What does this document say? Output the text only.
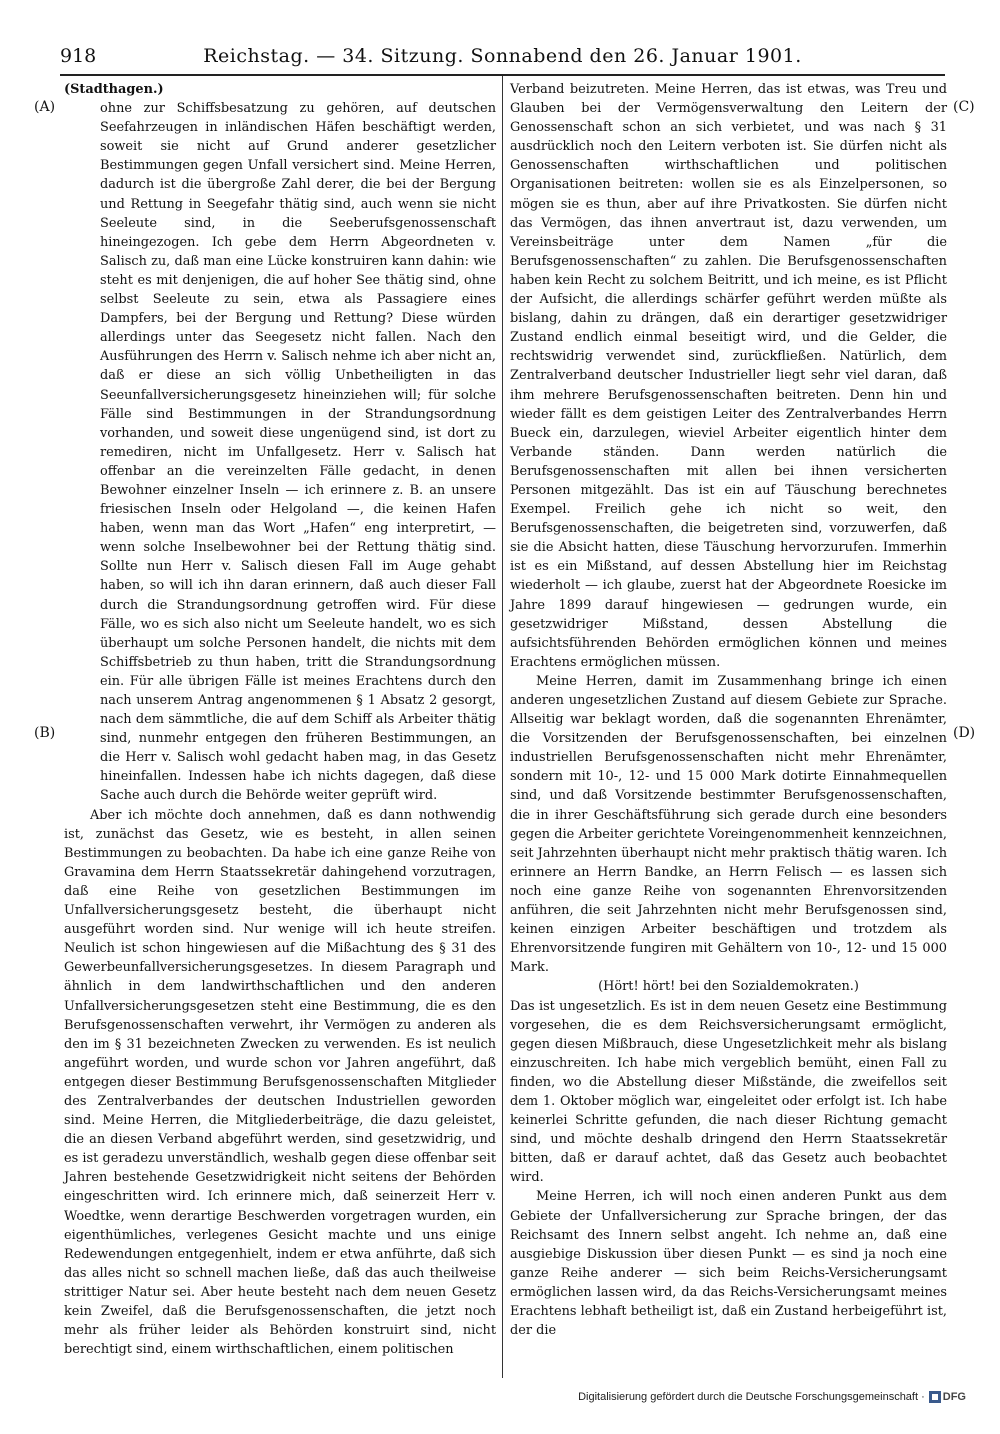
918	Reichstag. — 34. Sitzung. Sonnabend den 26. Januar 1901.
(A)
(B)
(C)
(D)

(Stadthagen.)

ohne zur Schiffsbesatzung zu gehören, auf deutschen Seefahrzeugen in inländischen Häfen beschäftigt werden, soweit sie nicht auf Grund anderer gesetzlicher Bestimmungen gegen Unfall versichert sind. Meine Herren, dadurch ist die übergroße Zahl derer, die bei der Bergung und Rettung in Seegefahr thätig sind, auch wenn sie nicht Seeleute sind, in die Seeberufsgenossenschaft hineingezogen. Ich gebe dem Herrn Abgeordneten v. Salisch zu, daß man eine Lücke konstruiren kann dahin: wie steht es mit denjenigen, die auf hoher See thätig sind, ohne selbst Seeleute zu sein, etwa als Passagiere eines Dampfers, bei der Bergung und Rettung? Diese würden allerdings unter das Seegesetz nicht fallen. Nach den Ausführungen des Herrn v. Salisch nehme ich aber nicht an, daß er diese an sich völlig Unbetheiligten in das Seeunfallversicherungsgesetz hineinziehen will; für solche Fälle sind Bestimmungen in der Strandungsordnung vorhanden, und soweit diese ungenügend sind, ist dort zu remediren, nicht im Unfallgesetz. Herr v. Salisch hat offenbar an die vereinzelten Fälle gedacht, in denen Bewohner einzelner Inseln — ich erinnere z. B. an unsere friesischen Inseln oder Helgoland —, die keinen Hafen haben, wenn man das Wort „Hafen“ eng interpretirt, — wenn solche Inselbewohner bei der Rettung thätig sind. Sollte nun Herr v. Salisch diesen Fall im Auge gehabt haben, so will ich ihn daran erinnern, daß auch dieser Fall durch die Strandungsordnung getroffen wird. Für diese Fälle, wo es sich also nicht um Seeleute handelt, wo es sich überhaupt um solche Personen handelt, die nichts mit dem Schiffsbetrieb zu thun haben, tritt die Strandungsordnung ein. Für alle übrigen Fälle ist meines Erachtens durch den nach unserem Antrag angenommenen § 1 Absatz 2 gesorgt, nach dem sämmtliche, die auf dem Schiff als Arbeiter thätig sind, nunmehr entgegen den früheren Bestimmungen, an die Herr v. Salisch wohl gedacht haben mag, in das Gesetz hineinfallen. Indessen habe ich nichts dagegen, daß diese Sache auch durch die Behörde weiter geprüft wird.

Aber ich möchte doch annehmen, daß es dann nothwendig ist, zunächst das Gesetz, wie es besteht, in allen seinen Bestimmungen zu beobachten. Da habe ich eine ganze Reihe von Gravamina dem Herrn Staatssekretär dahingehend vorzutragen, daß eine Reihe von gesetzlichen Bestimmungen im Unfallversicherungsgesetz besteht, die überhaupt nicht ausgeführt worden sind. Nur wenige will ich heute streifen. Neulich ist schon hingewiesen auf die Mißachtung des § 31 des Gewerbeunfallversicherungsgesetzes. In diesem Paragraph und ähnlich in dem landwirthschaftlichen und den anderen Unfallversicherungsgesetzen steht eine Bestimmung, die es den Berufsgenossenschaften verwehrt, ihr Vermögen zu anderen als den im § 31 bezeichneten Zwecken zu verwenden. Es ist neulich angeführt worden, und wurde schon vor Jahren angeführt, daß entgegen dieser Bestimmung Berufsgenossenschaften Mitglieder des Zentralverbandes der deutschen Industriellen geworden sind. Meine Herren, die Mitgliederbeiträge, die dazu geleistet, die an diesen Verband abgeführt werden, sind gesetzwidrig, und es ist geradezu unverständlich, weshalb gegen diese offenbar seit Jahren bestehende Gesetzwidrigkeit nicht seitens der Behörden eingeschritten wird. Ich erinnere mich, daß seinerzeit Herr v. Woedtke, wenn derartige Beschwerden vorgetragen wurden, ein eigenthümliches, verlegenes Gesicht machte und uns einige Redewendungen entgegenhielt, indem er etwa anführte, daß sich das alles nicht so schnell machen ließe, daß das auch theilweise strittiger Natur sei. Aber heute besteht nach dem neuen Gesetz kein Zweifel, daß die Berufsgenossenschaften, die jetzt noch mehr als früher leider als Behörden konstruirt sind, nicht berechtigt sind, einem wirthschaftlichen, einem politischen

Verband beizutreten. Meine Herren, das ist etwas, was Treu und Glauben bei der Vermögensverwaltung den Leitern der Genossenschaft schon an sich verbietet, und was nach § 31 ausdrücklich noch den Leitern verboten ist. Sie dürfen nicht als Genossenschaften wirthschaftlichen und politischen Organisationen beitreten: wollen sie es als Einzelpersonen, so mögen sie es thun, aber auf ihre Privatkosten. Sie dürfen nicht das Vermögen, das ihnen anvertraut ist, dazu verwenden, um Vereinsbeiträge unter dem Namen „für die Berufsgenossenschaften“ zu zahlen. Die Berufsgenossenschaften haben kein Recht zu solchem Beitritt, und ich meine, es ist Pflicht der Aufsicht, die allerdings schärfer geführt werden müßte als bislang, dahin zu drängen, daß ein derartiger gesetzwidriger Zustand endlich einmal beseitigt wird, und die Gelder, die rechtswidrig verwendet sind, zurückfließen. Natürlich, dem Zentralverband deutscher Industrieller liegt sehr viel daran, daß ihm mehrere Berufsgenossenschaften beitreten. Denn hin und wieder fällt es dem geistigen Leiter des Zentralverbandes Herrn Bueck ein, darzulegen, wieviel Arbeiter eigentlich hinter dem Verbande ständen. Dann werden natürlich die Berufsgenossenschaften mit allen bei ihnen versicherten Personen mitgezählt. Das ist ein auf Täuschung berechnetes Exempel. Freilich gehe ich nicht so weit, den Berufsgenossenschaften, die beigetreten sind, vorzuwerfen, daß sie die Absicht hatten, diese Täuschung hervorzurufen. Immerhin ist es ein Mißstand, auf dessen Abstellung hier im Reichstag wiederholt — ich glaube, zuerst hat der Abgeordnete Roesicke im Jahre 1899 darauf hingewiesen — gedrungen wurde, ein gesetzwidriger Mißstand, dessen Abstellung die aufsichtsführenden Behörden ermöglichen können und meines Erachtens ermöglichen müssen.

Meine Herren, damit im Zusammenhang bringe ich einen anderen ungesetzlichen Zustand auf diesem Gebiete zur Sprache. Allseitig war beklagt worden, daß die sogenannten Ehrenämter, die Vorsitzenden der Berufsgenossenschaften, bei einzelnen industriellen Berufsgenossenschaften nicht mehr Ehrenämter, sondern mit 10-, 12- und 15 000 Mark dotirte Einnahmequellen sind, und daß Vorsitzende bestimmter Berufsgenossenschaften, die in ihrer Geschäftsführung sich gerade durch eine besonders gegen die Arbeiter gerichtete Voreingenommenheit kennzeichnen, seit Jahrzehnten überhaupt nicht mehr praktisch thätig waren. Ich erinnere an Herrn Bandke, an Herrn Felisch — es lassen sich noch eine ganze Reihe von sogenannten Ehrenvorsitzenden anführen, die seit Jahrzehnten nicht mehr Berufsgenossen sind, keinen einzigen Arbeiter beschäftigen und trotzdem als Ehrenvorsitzende fungiren mit Gehältern von 10-, 12- und 15 000 Mark.

(Hört! hört! bei den Sozialdemokraten.)

Das ist ungesetzlich. Es ist in dem neuen Gesetz eine Bestimmung vorgesehen, die es dem Reichsversicherungsamt ermöglicht, gegen diesen Mißbrauch, diese Ungesetzlichkeit mehr als bislang einzuschreiten. Ich habe mich vergeblich bemüht, einen Fall zu finden, wo die Abstellung dieser Mißstände, die zweifellos seit dem 1. Oktober möglich war, eingeleitet oder erfolgt ist. Ich habe keinerlei Schritte gefunden, die nach dieser Richtung gemacht sind, und möchte deshalb dringend den Herrn Staatssekretär bitten, daß er darauf achtet, daß das Gesetz auch beobachtet wird.

Meine Herren, ich will noch einen anderen Punkt aus dem Gebiete der Unfallversicherung zur Sprache bringen, der das Reichsamt des Innern selbst angeht. Ich nehme an, daß eine ausgiebige Diskussion über diesen Punkt — es sind ja noch eine ganze Reihe anderer — sich beim Reichs-Versicherungsamt ermöglichen lassen wird, da das Reichs-Versicherungsamt meines Erachtens lebhaft betheiligt ist, daß ein Zustand herbeigeführt ist, der die

Digitalisierung gefördert durch die Deutsche Forschungsgemeinschaft · DFG
